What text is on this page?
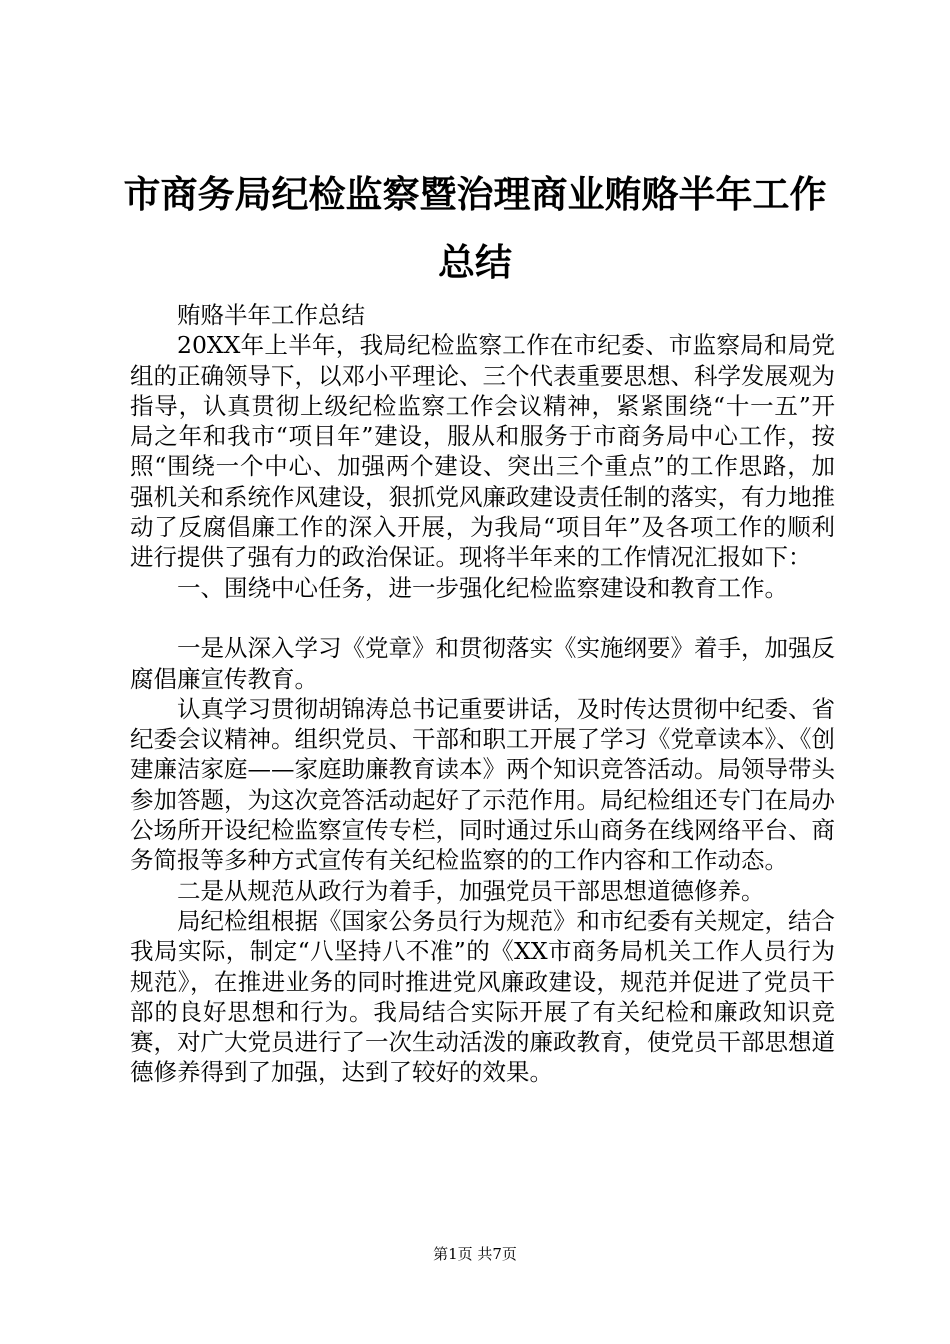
市商务局纪检监察暨治理商业贿赂半年工作总结

贿赂半年工作总结

20XX年上半年，我局纪检监察工作在市纪委、市监察局和局党组的正确领导下，以邓小平理论、三个代表重要思想、科学发展观为指导，认真贯彻上级纪检监察工作会议精神，紧紧围绕“十一五”开局之年和我市“项目年”建设，服从和服务于市商务局中心工作，按照“围绕一个中心、加强两个建设、突出三个重点”的工作思路，加强机关和系统作风建设，狠抓党风廉政建设责任制的落实，有力地推动了反腐倡廉工作的深入开展，为我局“项目年”及各项工作的顺利进行提供了强有力的政治保证。现将半年来的工作情况汇报如下：

一、围绕中心任务，进一步强化纪检监察建设和教育工作。

一是从深入学习《党章》和贯彻落实《实施纲要》着手，加强反腐倡廉宣传教育。

认真学习贯彻胡锦涛总书记重要讲话，及时传达贯彻中纪委、省纪委会议精神。组织党员、干部和职工开展了学习《党章读本》、《创建廉洁家庭——家庭助廉教育读本》两个知识竞答活动。局领导带头参加答题，为这次竞答活动起好了示范作用。局纪检组还专门在局办公场所开设纪检监察宣传专栏，同时通过乐山商务在线网络平台、商务简报等多种方式宣传有关纪检监察的的工作内容和工作动态。

二是从规范从政行为着手，加强党员干部思想道德修养。

局纪检组根据《国家公务员行为规范》和市纪委有关规定，结合我局实际，制定“八坚持八不准”的《XX市商务局机关工作人员行为规范》，在推进业务的同时推进党风廉政建设，规范并促进了党员干部的良好思想和行为。我局结合实际开展了有关纪检和廉政知识竞赛，对广大党员进行了一次生动活泼的廉政教育，使党员干部思想道德修养得到了加强，达到了较好的效果。

第1页 共7页
